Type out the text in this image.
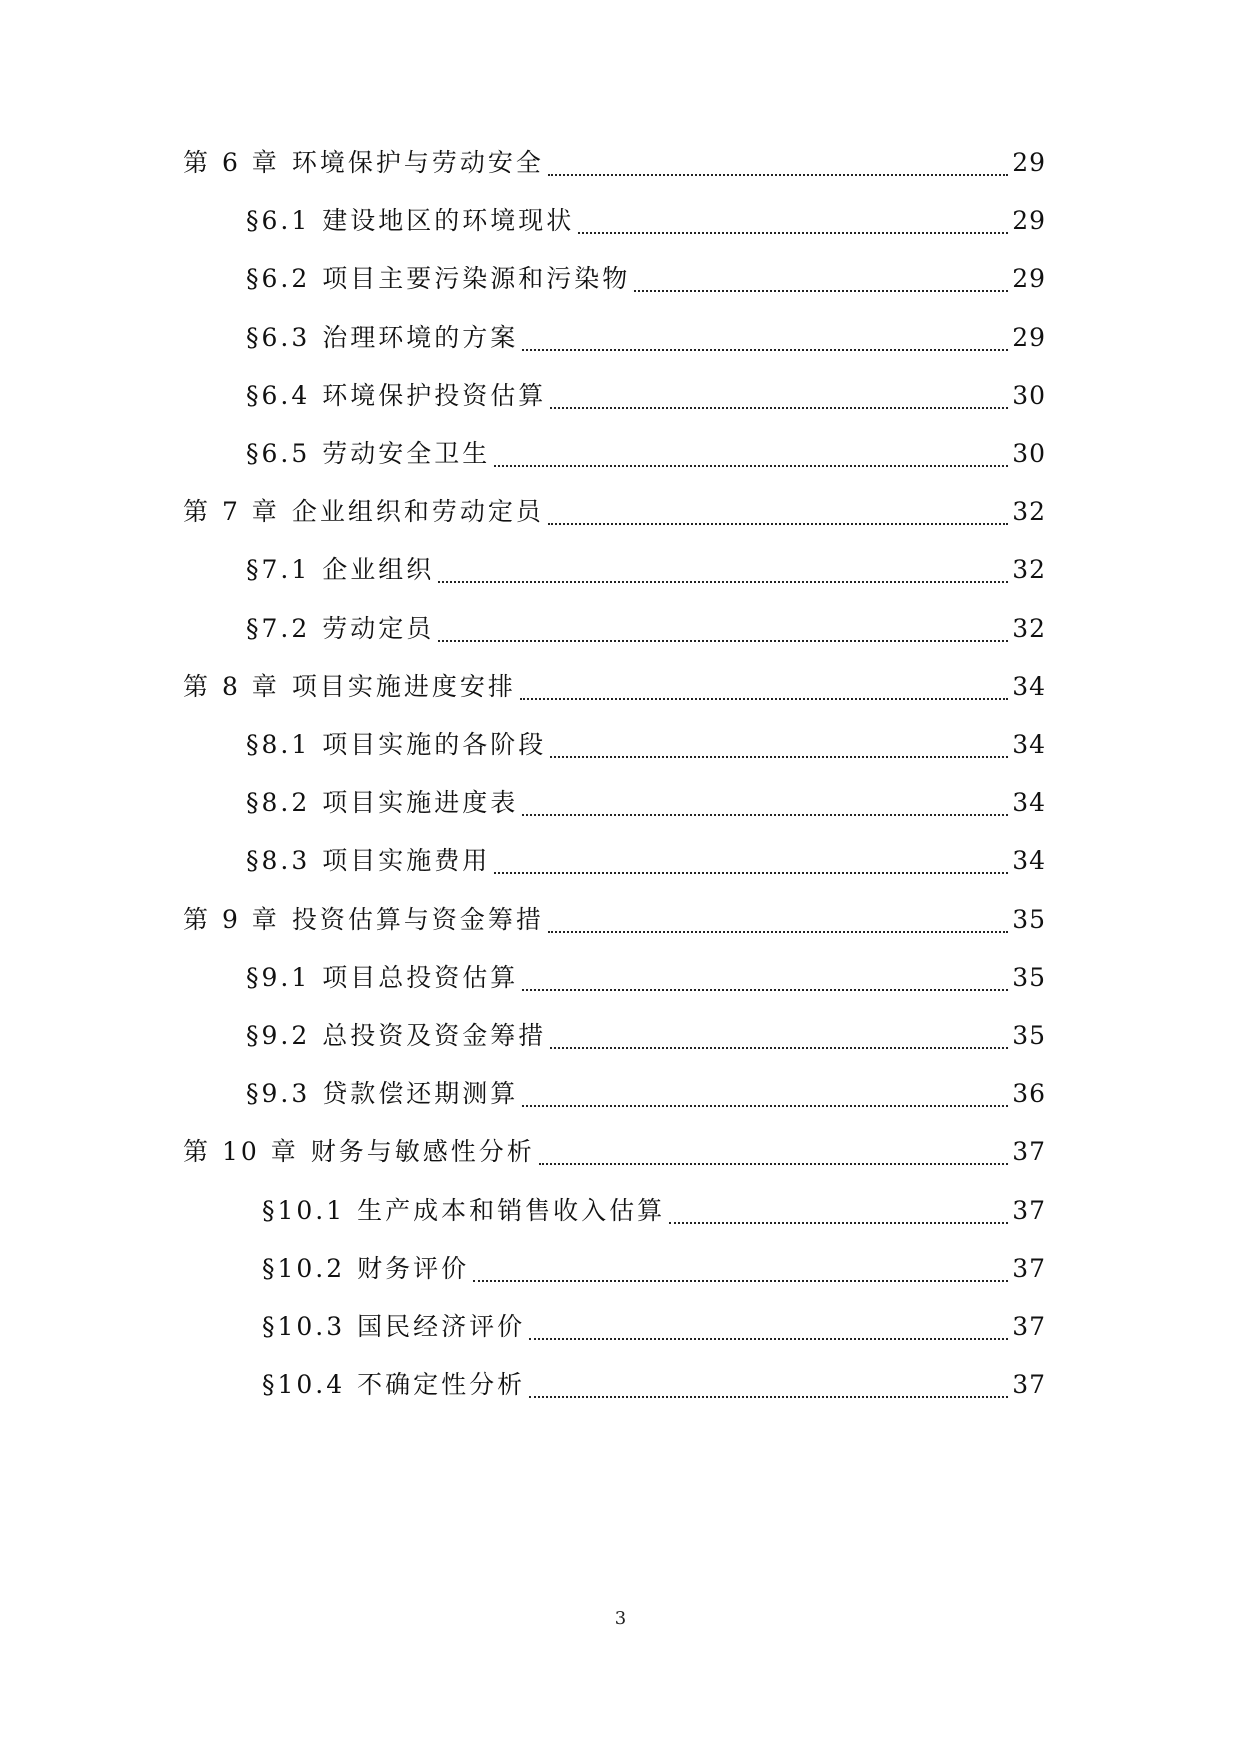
第 6 章 环境保护与劳动安全	29
§6.1 建设地区的环境现状	29
§6.2 项目主要污染源和污染物	29
§6.3 治理环境的方案	29
§6.4 环境保护投资估算	30
§6.5 劳动安全卫生	30
第 7 章 企业组织和劳动定员	32
§7.1 企业组织	32
§7.2 劳动定员	32
第 8 章 项目实施进度安排	34
§8.1 项目实施的各阶段	34
§8.2 项目实施进度表	34
§8.3 项目实施费用	34
第 9 章 投资估算与资金筹措	35
§9.1 项目总投资估算	35
§9.2 总投资及资金筹措	35
§9.3 贷款偿还期测算	36
第 10 章 财务与敏感性分析	37
§10.1 生产成本和销售收入估算	37
§10.2 财务评价	37
§10.3 国民经济评价	37
§10.4 不确定性分析	37
3
